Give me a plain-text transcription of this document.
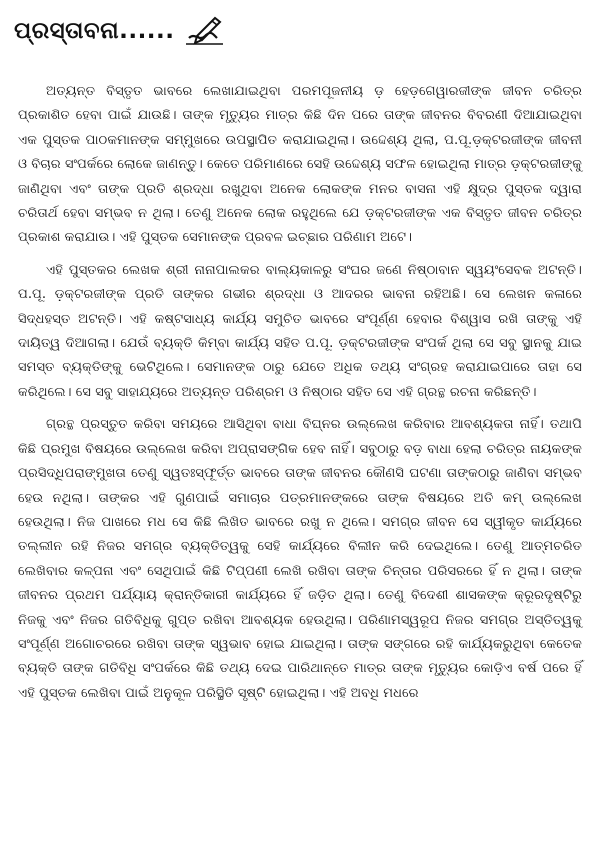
ପ୍ରସ୍ତାବନା......

ଅତ୍ୟନ୍ତ ବିସ୍ତୃତ ଭାବରେ ଲେଖାଯାଇଥିବା ପରମପୂଜନୀୟ ଡ଼ ହେଡ଼ଗେୱାରଜୀଙ୍କ ଜୀବନ ଚରିତ୍ର ପ୍ରକାଶିତ ହେବା ପାଇଁ ଯାଉଛି। ତାଙ୍କ ମୃତ୍ୟୁର ମାତ୍ର କିଛି ଦିନ ପରେ ତାଙ୍କ ଜୀବନର ବିବରଣୀ ଦିଆଯାଇଥିବା ଏକ ପୁସ୍ତକ ପାଠକମାନଙ୍କ ସମ୍ମୁଖରେ ଉପସ୍ଥାପିତ କରାଯାଇଥିଲା। ଉଦ୍ଦେଶ୍ୟ ଥିଲା, ପ.ପୂ.ଡ଼କ୍ଟରଜୀଙ୍କ ଜୀବନୀ ଓ ବିଚାର ସଂପର୍କରେ ଲୋକେ ଜାଣନ୍ତୁ। କେତେ ପରିମାଣରେ ସେହି ଉଦ୍ଦେଶ୍ୟ ସଫଳ ହୋଇଥିଲା ମାତ୍ର ଡ଼କ୍ଟରଜୀଙ୍କୁ ଜାଣିଥିବା ଏବଂ ତାଙ୍କ ପ୍ରତି ଶ୍ରଦ୍ଧା ରଖୁଥିବା ଅନେକ ଲୋକଙ୍କ ମନର ବାସନା ଏହି କ୍ଷୁଦ୍ର ପୁସ୍ତକ ଦ୍ୱାରା ଚରିତାର୍ଥ ହେବା ସମ୍ଭବ ନ ଥିଲା। ତେଣୁ ଅନେକ ଲୋକ ରହୁଥିଲେ ଯେ ଡ଼କ୍ଟରଜୀଙ୍କ ଏକ ବିସ୍ତୃତ ଜୀବନ ଚରିତ୍ର ପ୍ରକାଶ କରାଯାଉ। ଏହି ପୁସ୍ତକ ସେମାନଙ୍କ ପ୍ରବଳ ଇଚ୍ଛାର ପରିଣାମ ଅଟେ।

ଏହି ପୁସ୍ତକର ଲେଖକ ଶ୍ରୀ ନାନାପାଲକର ବାଲ୍ୟକାଳରୁ ସଂଘର ଜଣେ ନିଷ୍ଠାବାନ ସ୍ୱୟଂସେବକ ଅଟନ୍ତି। ପ.ପୂ. ଡ଼କ୍ଟରଜୀଙ୍କ ପ୍ରତି ତାଙ୍କର ଗଭୀର ଶ୍ରଦ୍ଧା ଓ ଆଦରର ଭାବନା ରହିଅଛି। ସେ ଲେଖନ କଳାରେ ସିଦ୍ଧହସ୍ତ ଅଟନ୍ତି। ଏହି କଷ୍ଟସାଧ୍ୟ କାର୍ଯ୍ୟ ସମୁଚିତ ଭାବରେ ସଂପୂର୍ଣ୍ଣ ହେବାର ବିଶ୍ୱାସ ରଖି ତାଙ୍କୁ ଏହି ଦାୟିତ୍ୱ ଦିଆଗଲା। ଯେଉଁ ବ୍ୟକ୍ତି କିମ୍ବା କାର୍ଯ୍ୟ ସହିତ ପ.ପୂ. ଡ଼କ୍ଟରଜୀଙ୍କ ସଂପର୍କ ଥିଲା ସେ ସବୁ ସ୍ଥାନକୁ ଯାଇ ସମସ୍ତ ବ୍ୟକ୍ତିଙ୍କୁ ଭେଟିଥିଲେ। ସେମାନଙ୍କ ଠାରୁ ଯେତେ ଅଧିକ ତଥ୍ୟ ସଂଗ୍ରହ କରାଯାଇପାରେ ତାହା ସେ କରିଥିଲେ। ସେ ସବୁ ସାହାଯ୍ୟରେ ଅତ୍ୟନ୍ତ ପରିଶ୍ରମ ଓ ନିଷ୍ଠାର ସହିତ ସେ ଏହି ଗ୍ରନ୍ଥ ରଚନା କରିଛନ୍ତି।

ଗ୍ରନ୍ଥ ପ୍ରସ୍ତୁତ କରିବା ସମୟରେ ଆସିଥିବା ବାଧା ବିଘ୍ନର ଉଲ୍ଲେଖ କରିବାର ଆବଶ୍ୟକତା ନାହିଁ। ତଥାପି କିଛି ପ୍ରମୁଖ ବିଷୟରେ ଉଲ୍ଲେଖ କରିବା ଅପ୍ରାସଙ୍ଗିକ ହେବ ନାହିଁ। ସବୁଠାରୁ ବଡ଼ ବାଧା ହେଲା ଚରିତ୍ର ନାୟକଙ୍କ ପ୍ରସିଦ୍ଧିପରାଙ୍ମୁଖତା ତେଣୁ ସ୍ୱତଃସ୍ଫୂର୍ତ୍ତ ଭାବରେ ତାଙ୍କ ଜୀବନର କୌଣସି ଘଟଣା ତାଙ୍କଠାରୁ ଜାଣିବା ସମ୍ଭବ ହେଉ ନଥିଲା। ତାଙ୍କର ଏହି ଗୁଣପାଇଁ ସମାଚାର ପତ୍ରମାନଙ୍କରେ ତାଙ୍କ ବିଷୟରେ ଅତି କମ୍ ଉଲ୍ଲେଖ ହେଉଥିଲା। ନିଜ ପାଖରେ ମଧ ସେ କିଛି ଲିଖିତ ଭାବରେ ରଖୁ ନ ଥିଲେ। ସମଗ୍ର ଜୀବନ ସେ ସ୍ୱୀକୃତ କାର୍ଯ୍ୟରେ ତଲ୍ଲୀନ ରହି ନିଜର ସମଗ୍ର ବ୍ୟକ୍ତିତ୍ୱକୁ ସେହି କାର୍ଯ୍ୟରେ ବିଲୀନ କରି ଦେଇଥିଲେ। ତେଣୁ ଆତ୍ମଚରିତ ଲେଖିବାର କଳ୍ପନା ଏବଂ ସେଥିପାଇଁ କିଛି ଟିପ୍ପଣୀ ଲେଖି ରଖିବା ତାଙ୍କ ଚିନ୍ତାର ପରିସରରେ ହିଁ ନ ଥିଲା। ତାଙ୍କ ଜୀବନର ପ୍ରଥମ ପର୍ଯ୍ୟାୟ କ୍ରାନ୍ତିକାରୀ କାର୍ଯ୍ୟରେ ହିଁ ଜଡ଼ିତ ଥିଲା। ତେଣୁ ବିଦେଶୀ ଶାସକଙ୍କ କ୍ରୂରଦୃଷ୍ଟିରୁ ନିଜକୁ ଏବଂ ନିଜର ଗତିବିଧିକୁ ଗୁପ୍ତ ରଖିବା ଆବଶ୍ୟକ ହେଉଥିଲା। ପରିଣାମସ୍ୱରୂପ ନିଜର ସମଗ୍ର ଅସ୍ତିତ୍ୱକୁ ସଂପୂର୍ଣ୍ଣ ଅଗୋଚରରେ ରଖିବା ତାଙ୍କ ସ୍ୱଭାବ ହୋଇ ଯାଇଥିଲା। ତାଙ୍କ ସଙ୍ଗରେ ରହି କାର୍ଯ୍ୟକରୁଥିବା କେତେକ ବ୍ୟକ୍ତି ତାଙ୍କ ଗତିବିଧି ସଂପର୍କରେ କିଛି ତଥ୍ୟ ଦେଇ ପାରିଥାନ୍ତେ ମାତ୍ର ତାଙ୍କ ମୃତ୍ୟୁର କୋଡ଼ିଏ ବର୍ଷ ପରେ ହିଁ ଏହି ପୁସ୍ତକ ଲେଖିବା ପାଇଁ ଅନୁକୂଳ ପରିସ୍ଥିତି ସୃଷ୍ଟି ହୋଇଥିଲା। ଏହି ଅବଧି ମଧରେ
